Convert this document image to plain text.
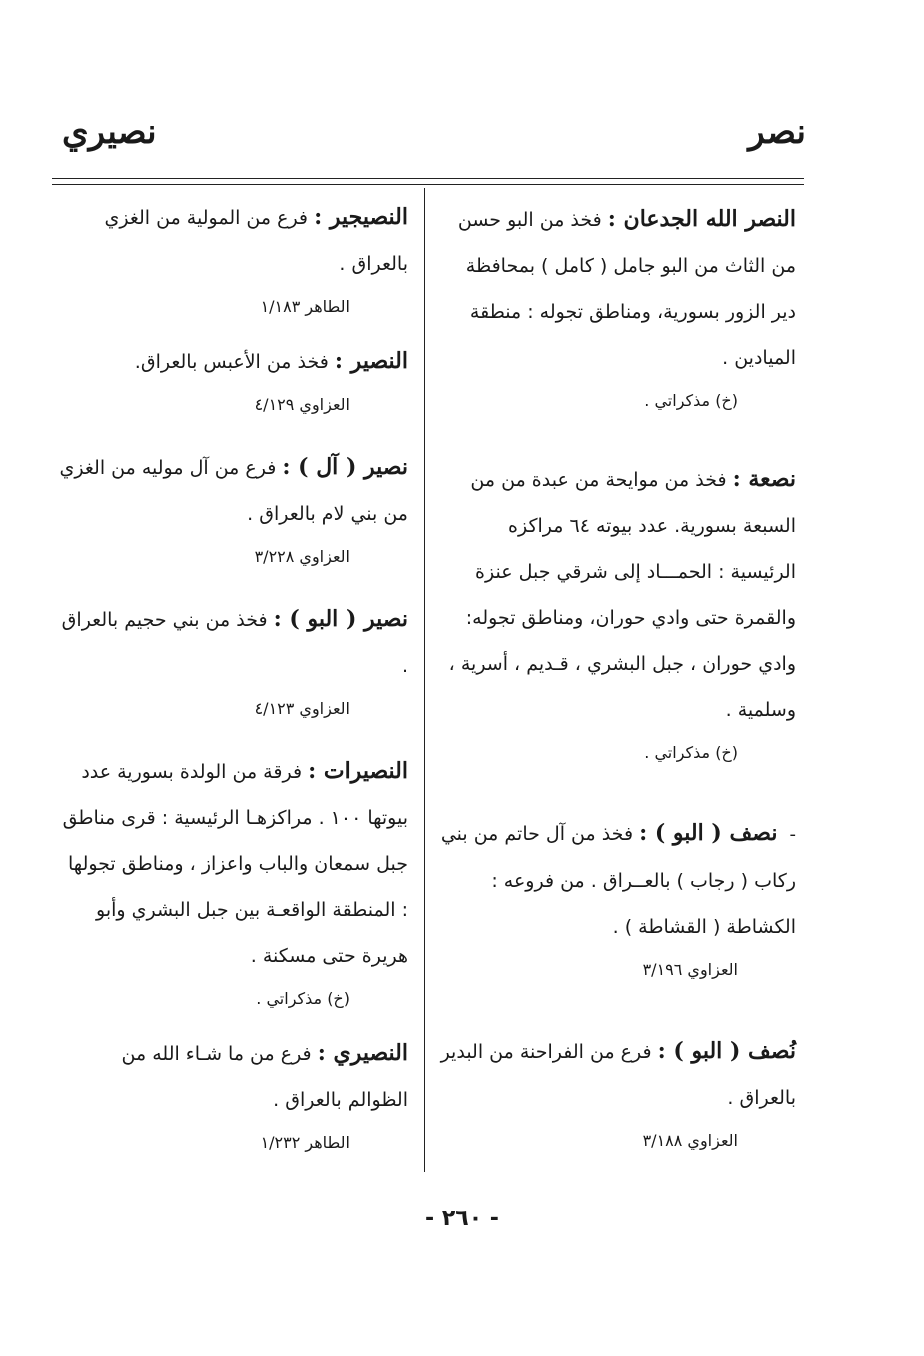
نصر
نصيري

النصر الله الجدعان : فخذ من البو حسن من الثاث من البو جامل ( كامل ) بمحافظة دير الزور بسورية، ومناطق تجوله : منطقة الميادين .

(خ) مذكراتي .

نصعة : فخذ من موايحة من عبدة من من السبعة بسورية. عدد بيوته ٦٤ مراكزه الرئيسية : الحمـــاد إلى شرقي جبل عنزة والقمرة حتى وادي حوران، ومناطق تجوله: وادي حوران ، جبل البشري ، قـديم ، أسرية ، وسلمية .

(خ) مذكراتي .

- نصف ( البو ) : فخذ من آل حاتم من بني ركاب ( رجاب ) بالعــراق . من فروعه : الكشاطة ( القشاطة ) .

العزاوي ٣/١٩٦

نُصف ( البو ) : فرع من الفراحنة من البدير بالعراق .

العزاوي ٣/١٨٨

النصيجير : فرع من المولية من الغزي بالعراق .

الطاهر ١/١٨٣

النصير : فخذ من الأعبس بالعراق.

العزاوي ٤/١٢٩

نصير ( آل ) : فرع من آل موليه من الغزي من بني لام بالعراق .

العزاوي ٣/٢٢٨

نصير ( البو ) : فخذ من بني حجيم بالعراق .

العزاوي ٤/١٢٣

النصيرات : فرقة من الولدة بسورية عدد بيوتها ١٠٠ . مراكزهـا الرئيسية : قرى مناطق جبل سمعان والباب واعزاز ، ومناطق تجولها : المنطقة الواقعـة بين جبل البشري وأبو هريرة حتى مسكنة .

(خ) مذكراتي .

النصيري : فرع من ما شـاء الله من الظوالم بالعراق .

الطاهر ١/٢٣٢

- ٢٦٠ -
